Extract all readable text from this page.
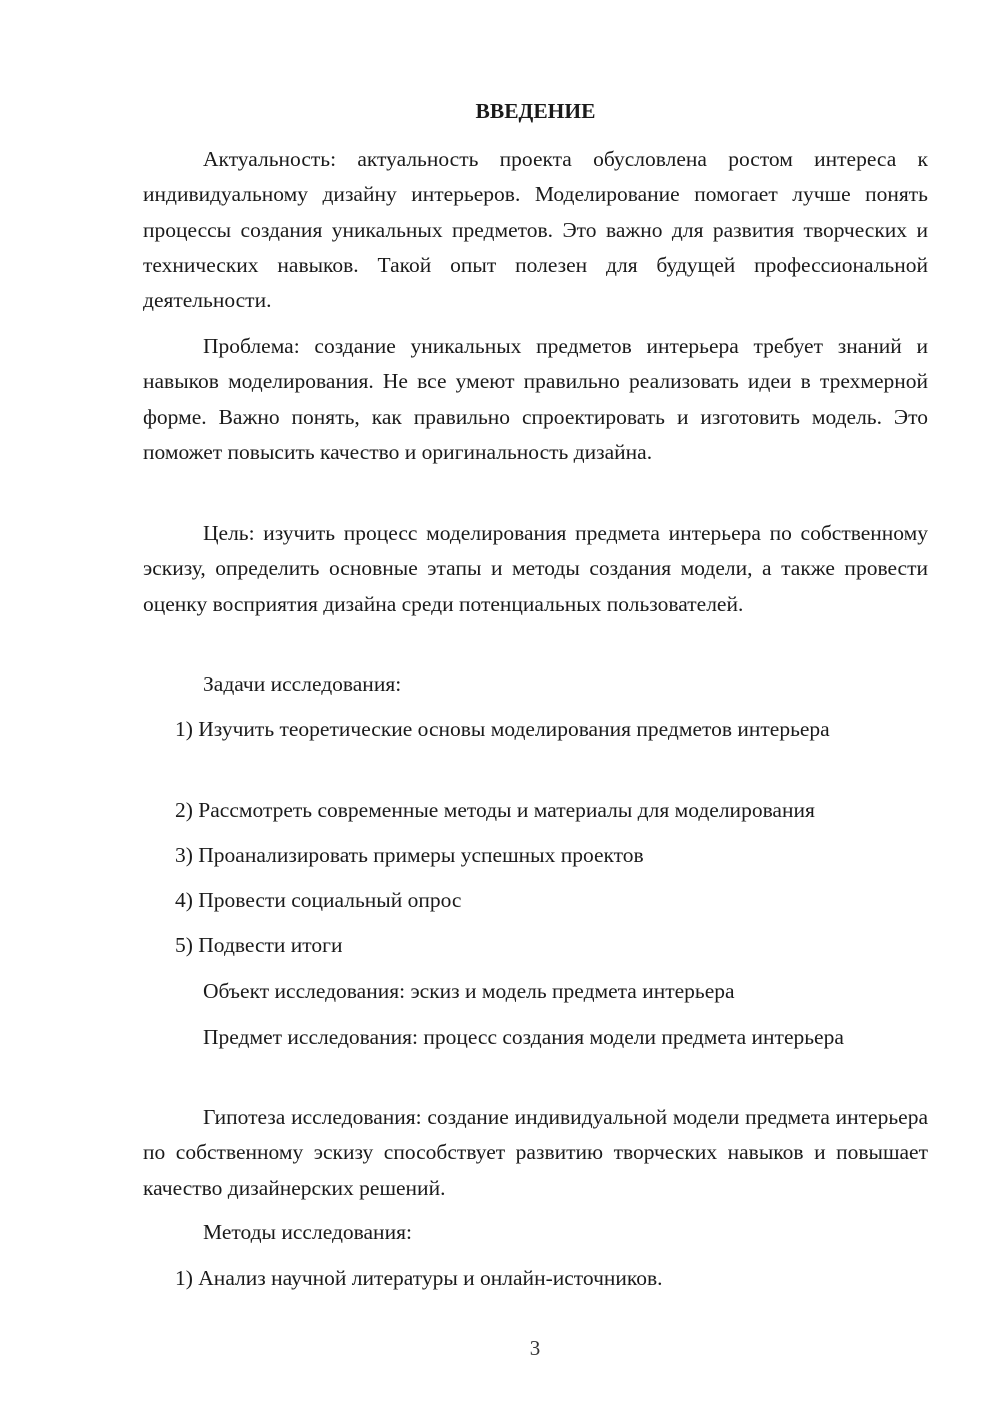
ВВЕДЕНИЕ

Актуальность: актуальность проекта обусловлена ростом интереса к индивидуальному дизайну интерьеров. Моделирование помогает лучше понять процессы создания уникальных предметов. Это важно для развития творческих и технических навыков. Такой опыт полезен для будущей профессиональной деятельности.

Проблема: создание уникальных предметов интерьера требует знаний и навыков моделирования. Не все умеют правильно реализовать идеи в трехмерной форме. Важно понять, как правильно спроектировать и изготовить модель. Это поможет повысить качество и оригинальность дизайна.

Цель: изучить процесс моделирования предмета интерьера по собственному эскизу, определить основные этапы и методы создания модели, а также провести оценку восприятия дизайна среди потенциальных пользователей.

Задачи исследования:

1) Изучить теоретические основы моделирования предметов интерьера

2) Рассмотреть современные методы и материалы для моделирования
3) Проанализировать примеры успешных проектов
4) Провести социальный опрос
5) Подвести итоги

Объект исследования: эскиз и модель предмета интерьера

Предмет исследования: процесс создания модели предмета интерьера

Гипотеза исследования: создание индивидуальной модели предмета интерьера по собственному эскизу способствует развитию творческих навыков и повышает качество дизайнерских решений.

Методы исследования:
1) Анализ научной литературы и онлайн-источников.
3
